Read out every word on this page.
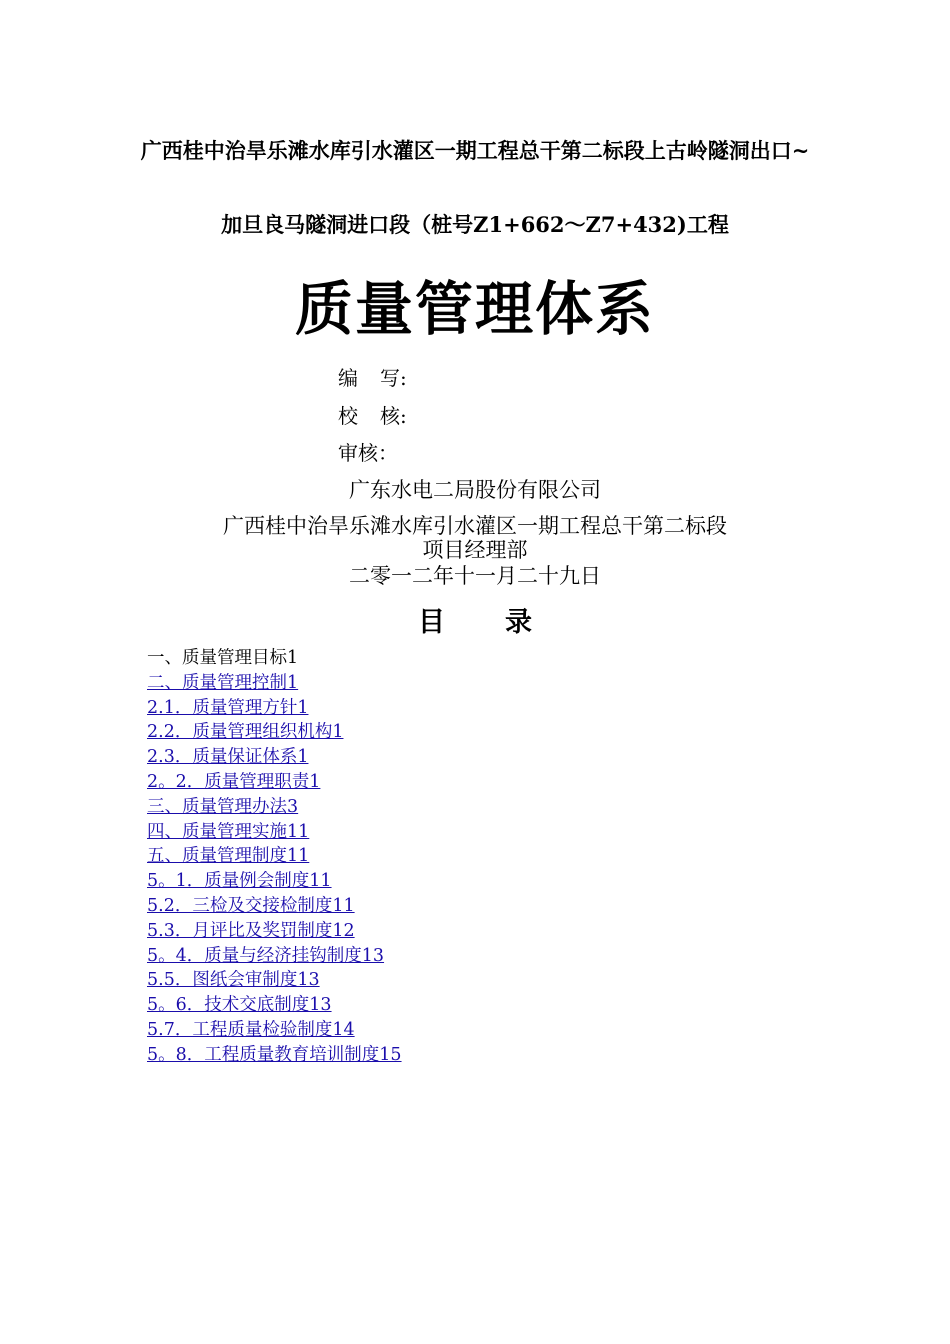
广西桂中治旱乐滩水库引水灌区一期工程总干第二标段上古岭隧洞出口~
加旦良马隧洞进口段（桩号Z1+662～Z7+432)工程
质量管理体系
编 写:
校 核:
审核：
广东水电二局股份有限公司
广西桂中治旱乐滩水库引水灌区一期工程总干第二标段
项目经理部
二零一二年十一月二十九日
目 录
一、质量管理目标1
二、质量管理控制1
2.1．质量管理方针1
2.2．质量管理组织机构1
2.3．质量保证体系1
2。2．质量管理职责1
三、质量管理办法3
四、质量管理实施11
五、质量管理制度11
5。1．质量例会制度11
5.2．三检及交接检制度11
5.3．月评比及奖罚制度12
5。4．质量与经济挂钩制度13
5.5．图纸会审制度13
5。6．技术交底制度13
5.7．工程质量检验制度14
5。8．工程质量教育培训制度15
